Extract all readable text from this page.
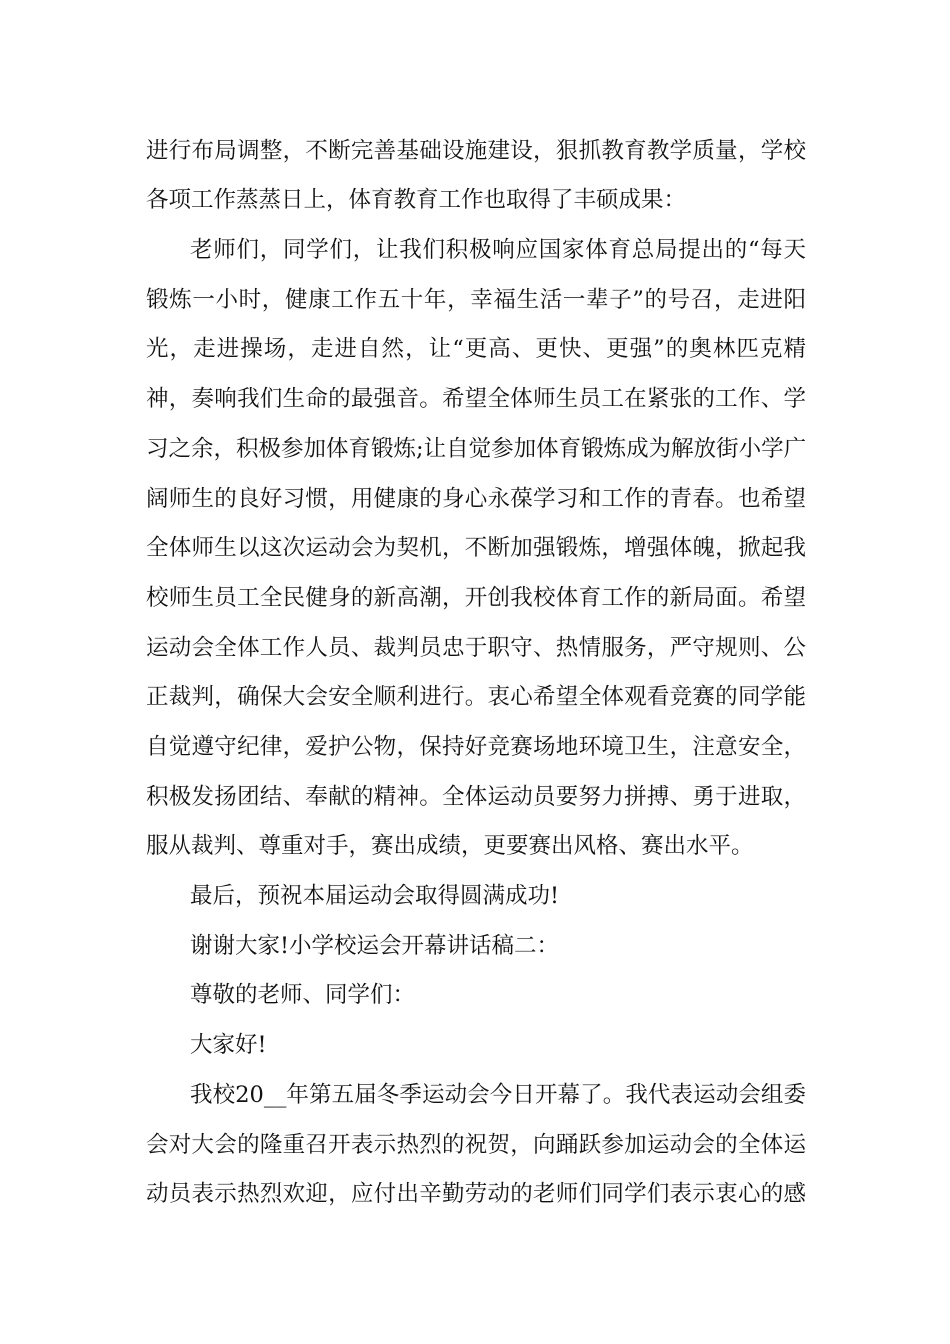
进行布局调整，不断完善基础设施建设，狠抓教育教学质量，学校
各项工作蒸蒸日上，体育教育工作也取得了丰硕成果：
老师们，同学们，让我们积极响应国家体育总局提出的“每天
锻炼一小时，健康工作五十年，幸福生活一辈子”的号召，走进阳
光，走进操场，走进自然，让“更高、更快、更强”的奥林匹克精
神，奏响我们生命的最强音。希望全体师生员工在紧张的工作、学
习之余，积极参加体育锻炼;让自觉参加体育锻炼成为解放街小学广
阔师生的良好习惯，用健康的身心永葆学习和工作的青春。也希望
全体师生以这次运动会为契机，不断加强锻炼，增强体魄，掀起我
校师生员工全民健身的新高潮，开创我校体育工作的新局面。希望
运动会全体工作人员、裁判员忠于职守、热情服务，严守规则、公
正裁判，确保大会安全顺利进行。衷心希望全体观看竞赛的同学能
自觉遵守纪律，爱护公物，保持好竞赛场地环境卫生，注意安全，
积极发扬团结、奉献的精神。全体运动员要努力拼搏、勇于进取，
服从裁判、尊重对手，赛出成绩，更要赛出风格、赛出水平。
最后，预祝本届运动会取得圆满成功!
谢谢大家!小学校运会开幕讲话稿二：
尊敬的老师、同学们：
大家好!
我校20__年第五届冬季运动会今日开幕了。我代表运动会组委
会对大会的隆重召开表示热烈的祝贺，向踊跃参加运动会的全体运
动员表示热烈欢迎，应付出辛勤劳动的老师们同学们表示衷心的感
